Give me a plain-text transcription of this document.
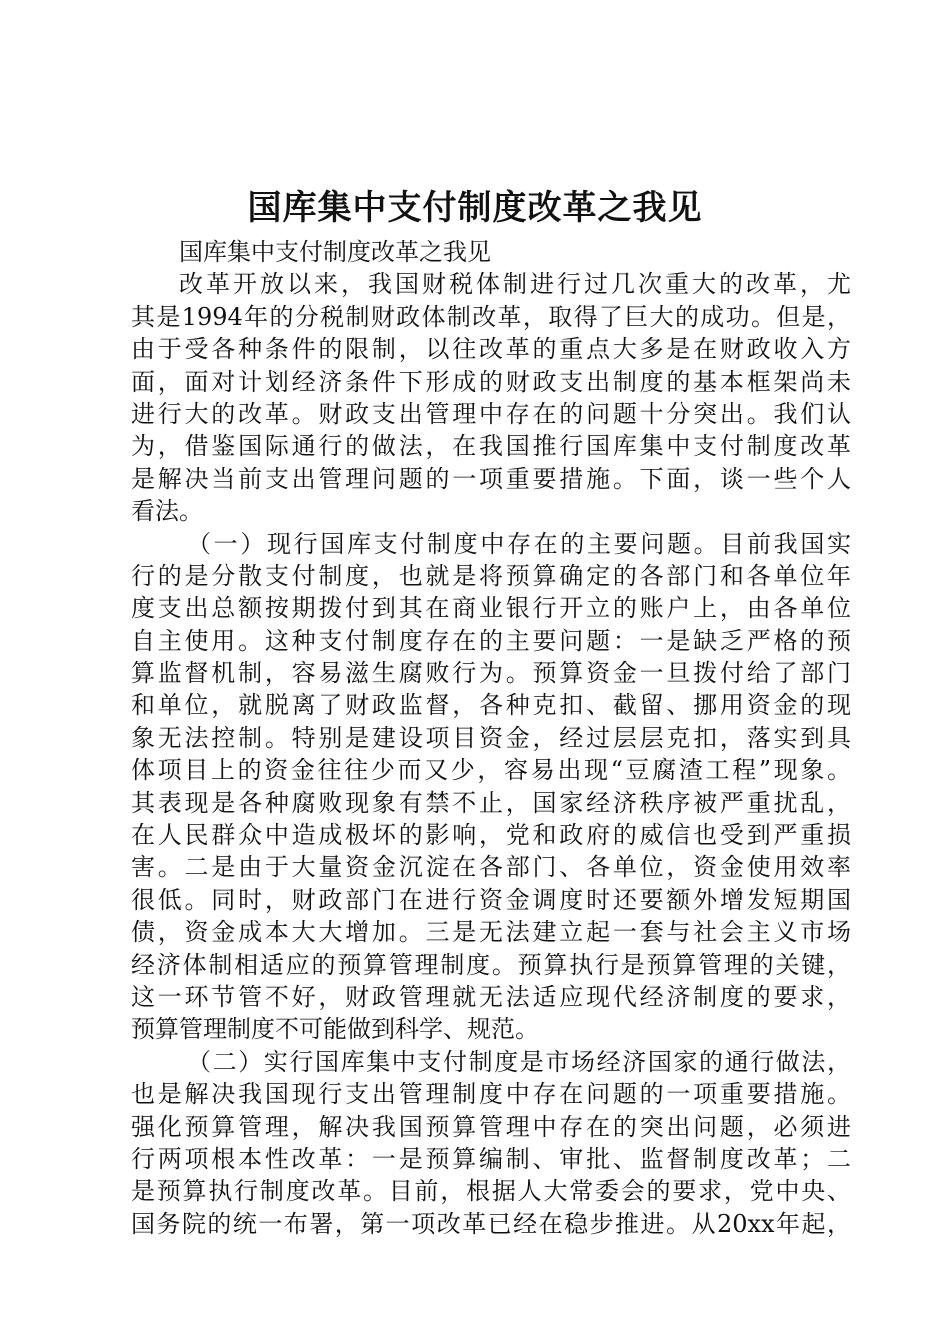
国库集中支付制度改革之我见
国库集中支付制度改革之我见
改革开放以来，我国财税体制进行过几次重大的改革，尤
其是1994年的分税制财政体制改革，取得了巨大的成功。但是，
由于受各种条件的限制，以往改革的重点大多是在财政收入方
面，面对计划经济条件下形成的财政支出制度的基本框架尚未
进行大的改革。财政支出管理中存在的问题十分突出。我们认
为，借鉴国际通行的做法，在我国推行国库集中支付制度改革
是解决当前支出管理问题的一项重要措施。下面，谈一些个人
看法。
（一）现行国库支付制度中存在的主要问题。目前我国实
行的是分散支付制度，也就是将预算确定的各部门和各单位年
度支出总额按期拨付到其在商业银行开立的账户上，由各单位
自主使用。这种支付制度存在的主要问题：一是缺乏严格的预
算监督机制，容易滋生腐败行为。预算资金一旦拨付给了部门
和单位，就脱离了财政监督，各种克扣、截留、挪用资金的现
象无法控制。特别是建设项目资金，经过层层克扣，落实到具
体项目上的资金往往少而又少，容易出现“豆腐渣工程”现象。
其表现是各种腐败现象有禁不止，国家经济秩序被严重扰乱，
在人民群众中造成极坏的影响，党和政府的威信也受到严重损
害。二是由于大量资金沉淀在各部门、各单位，资金使用效率
很低。同时，财政部门在进行资金调度时还要额外增发短期国
债，资金成本大大增加。三是无法建立起一套与社会主义市场
经济体制相适应的预算管理制度。预算执行是预算管理的关键，
这一环节管不好，财政管理就无法适应现代经济制度的要求，
预算管理制度不可能做到科学、规范。
（二）实行国库集中支付制度是市场经济国家的通行做法，
也是解决我国现行支出管理制度中存在问题的一项重要措施。
强化预算管理，解决我国预算管理中存在的突出问题，必须进
行两项根本性改革：一是预算编制、审批、监督制度改革；二
是预算执行制度改革。目前，根据人大常委会的要求，党中央、
国务院的统一布署，第一项改革已经在稳步推进。从20xx年起，
